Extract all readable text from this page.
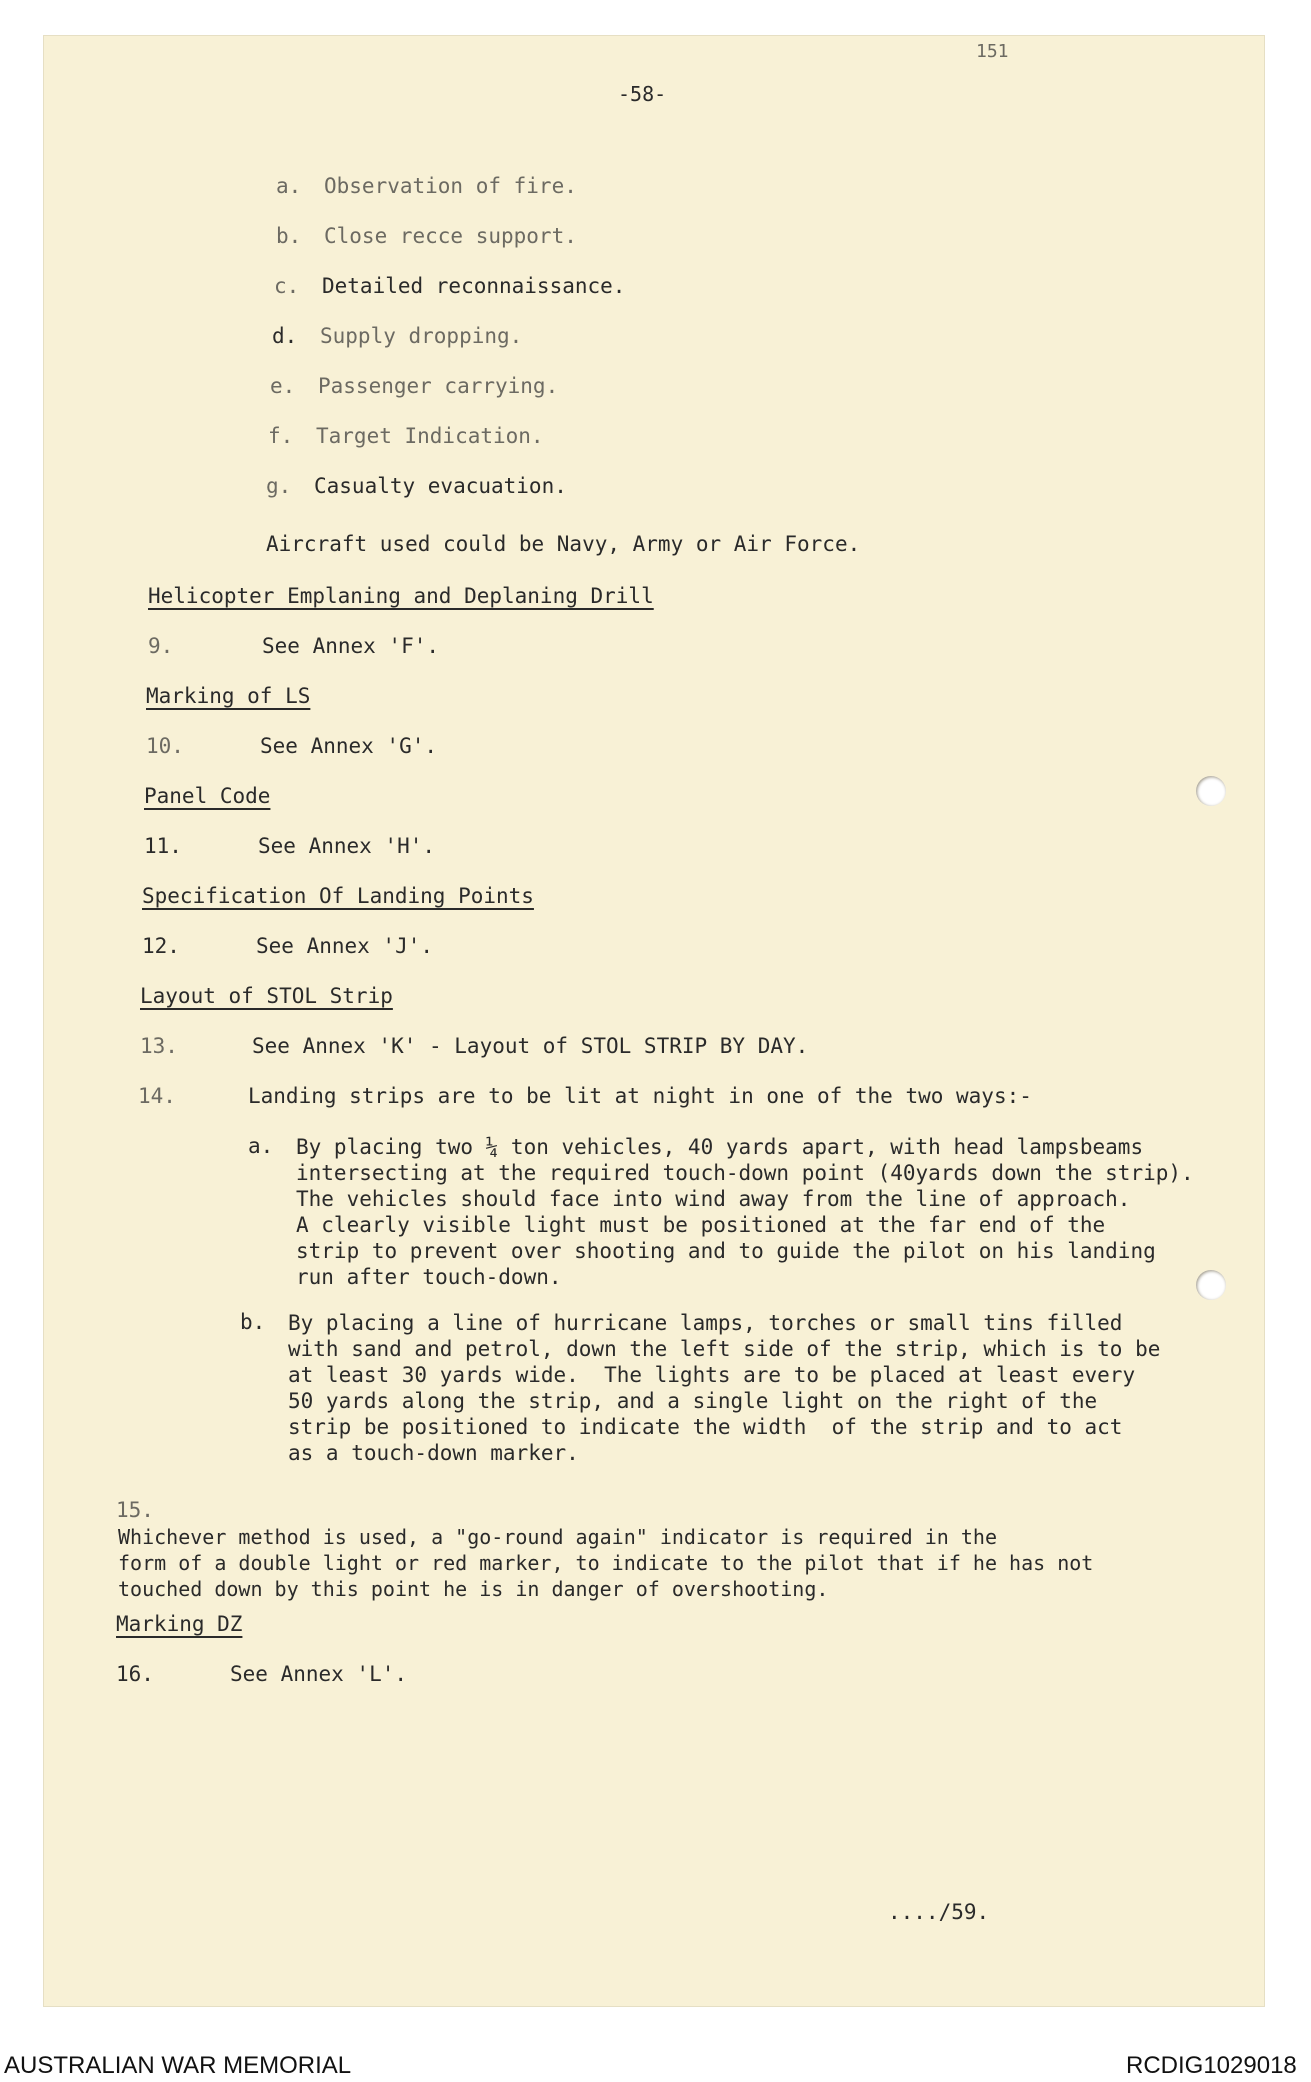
-58-
151
a. Observation of fire.
b. Close recce support.
c. Detailed reconnaissance.
d. Supply dropping.
e. Passenger carrying.
f. Target Indication.
g. Casualty evacuation.
Aircraft used could be Navy, Army or Air Force.
Helicopter Emplaning and Deplaning Drill
9.	See Annex 'F'.
Marking of LS
10.	See Annex 'G'.
Panel Code
11.	See Annex 'H'.
Specification Of Landing Points
12.	See Annex 'J'.
Layout of STOL Strip
13.	See Annex 'K' - Layout of STOL STRIP BY DAY.
14.	Landing strips are to be lit at night in one of the two ways:-
a. By placing two ¼ ton vehicles, 40 yards apart, with head lampsbeams
intersecting at the required touch-down point (40yards down the strip).
The vehicles should face into wind away from the line of approach.
A clearly visible light must be positioned at the far end of the
strip to prevent over shooting and to guide the pilot on his landing
run after touch-down.
b. By placing a line of hurricane lamps, torches or small tins filled
with sand and petrol, down the left side of the strip, which is to be
at least 30 yards wide.  The lights are to be placed at least every
50 yards along the strip, and a single light on the right of the
strip be positioned to indicate the width  of the strip and to act
as a touch-down marker.
15.
Whichever method is used, a "go-round again" indicator is required in the
form of a double light or red marker, to indicate to the pilot that if he has not
touched down by this point he is in danger of overshooting.
Marking DZ
16.	See Annex 'L'.
..../59.
AUSTRALIAN WAR MEMORIAL	RCDIG1029018
